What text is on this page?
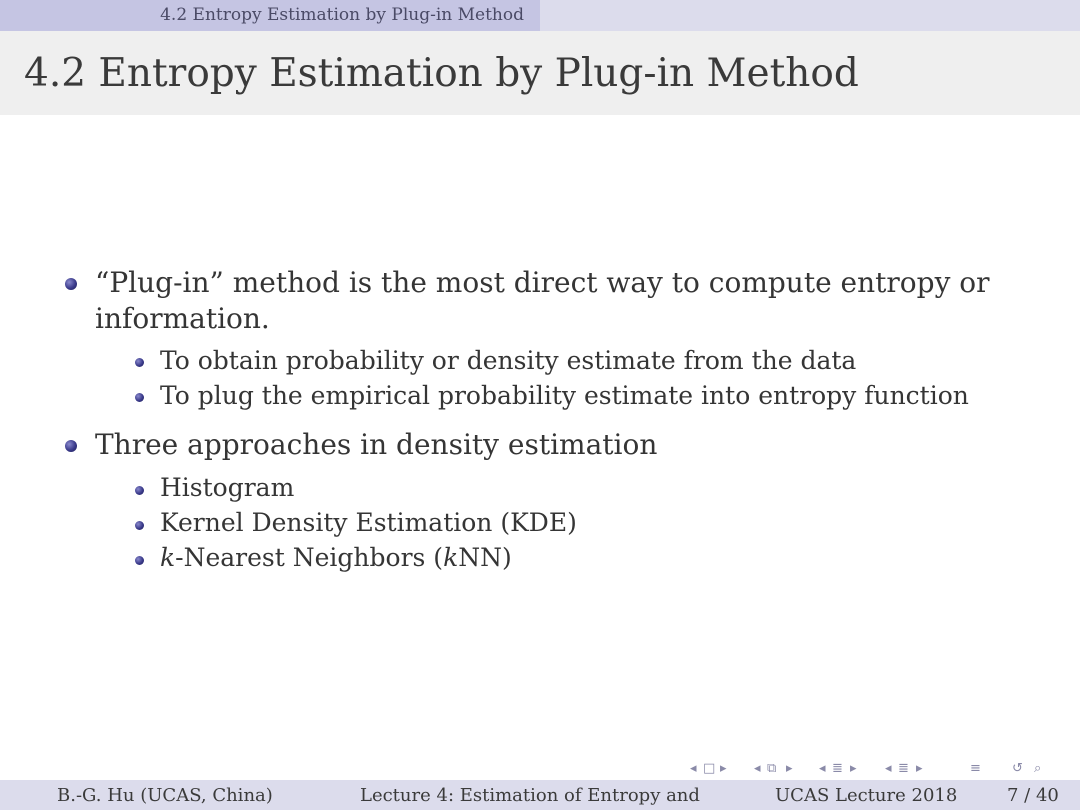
4.2 Entropy Estimation by Plug-in Method
4.2 Entropy Estimation by Plug-in Method
“Plug-in” method is the most direct way to compute entropy or
information.
To obtain probability or density estimate from the data
To plug the empirical probability estimate into entropy function
Three approaches in density estimation
Histogram
Kernel Density Estimation (KDE)
k-Nearest Neighbors (kNN)
◂ □ ▸ ◂ ⧉ ▸ ◂ ≣ ▸ ◂ ≣ ▸	≡ ↺ ⌕
B.-G. Hu (UCAS, China)	Lecture 4: Estimation of Entropy and	UCAS Lecture 2018	7 / 40
